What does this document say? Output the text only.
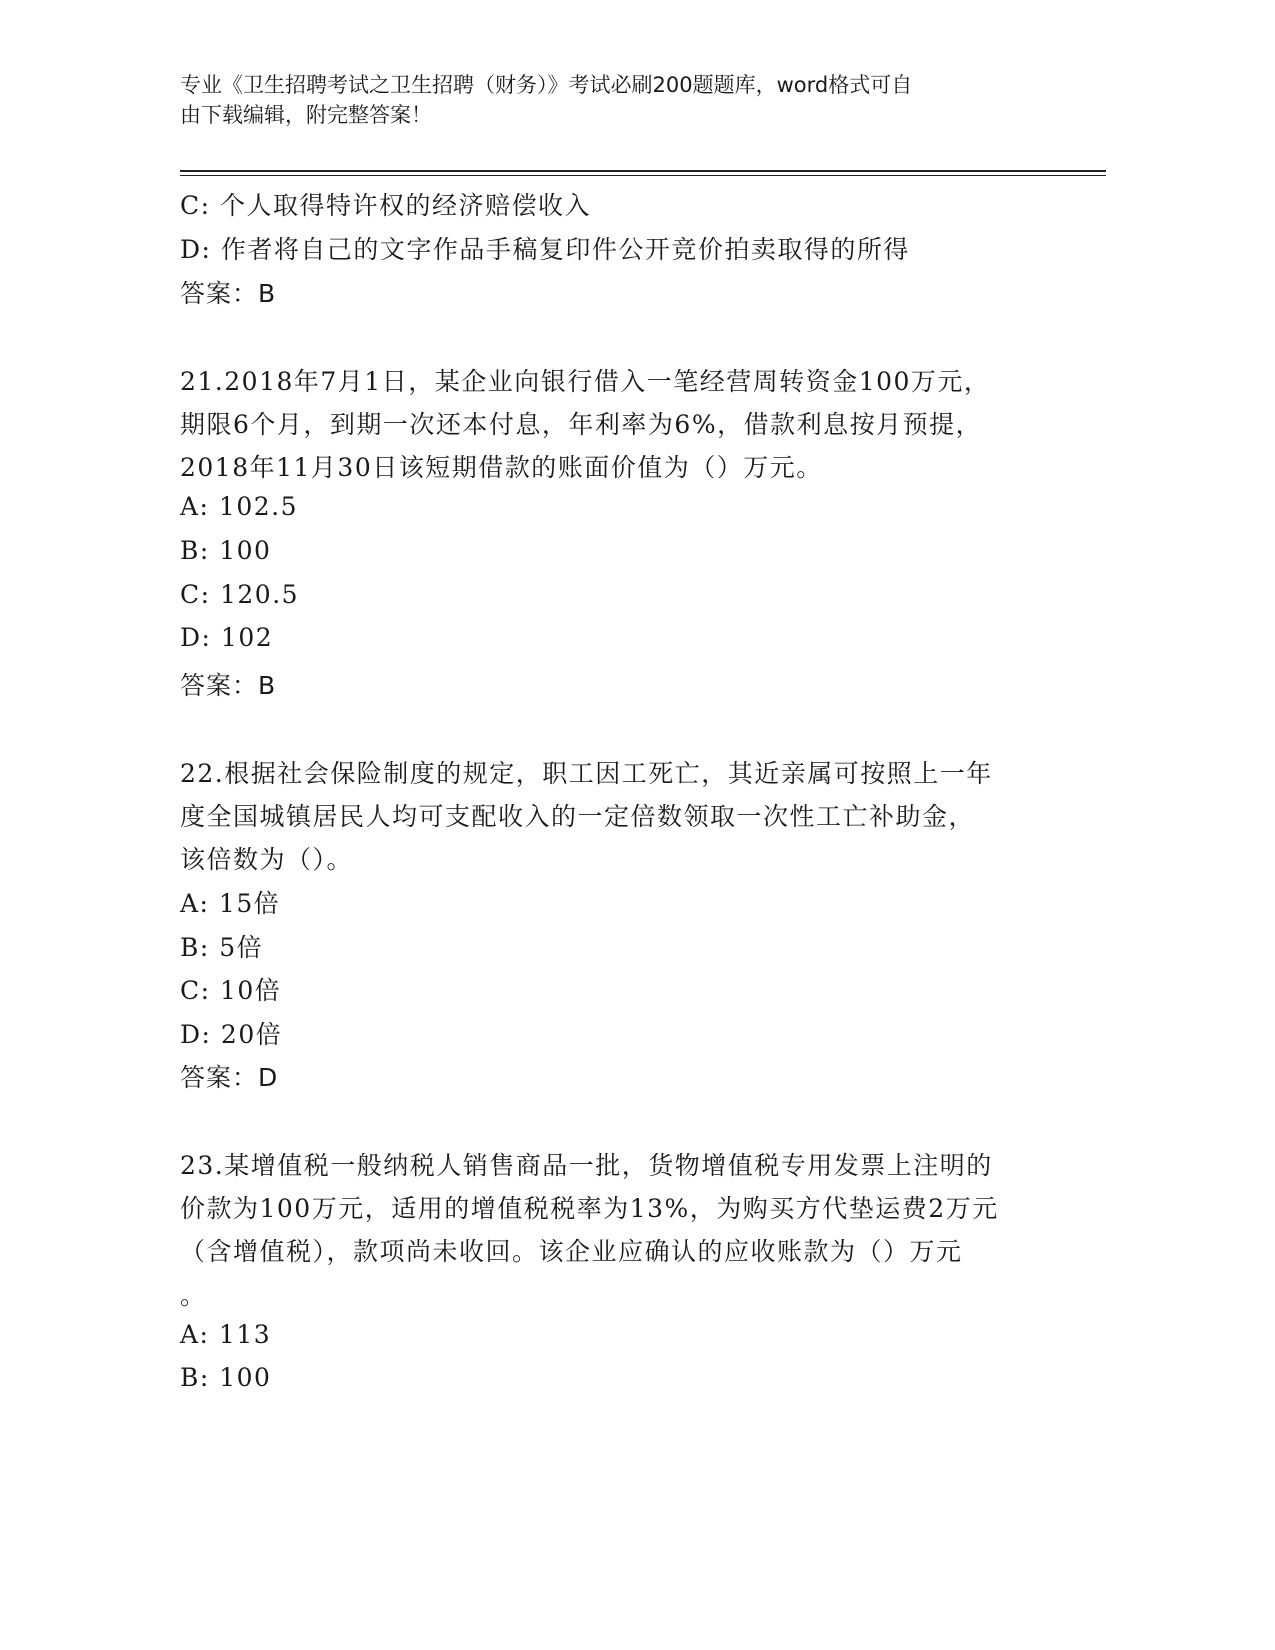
专业《卫生招聘考试之卫生招聘（财务）》考试必刷200题题库，word格式可自
由下载编辑，附完整答案！
C: 个人取得特许权的经济赔偿收入
D: 作者将自己的文字作品手稿复印件公开竞价拍卖取得的所得
答案：B
21.2018年7月1日，某企业向银行借入一笔经营周转资金100万元，
期限6个月，到期一次还本付息，年利率为6%，借款利息按月预提，
2018年11月30日该短期借款的账面价值为（）万元。
A: 102.5
B: 100
C: 120.5
D: 102
答案：B
22.根据社会保险制度的规定，职工因工死亡，其近亲属可按照上一年
度全国城镇居民人均可支配收入的一定倍数领取一次性工亡补助金，
该倍数为（）。
A: 15倍
B: 5倍
C: 10倍
D: 20倍
答案：D
23.某增值税一般纳税人销售商品一批，货物增值税专用发票上注明的
价款为100万元，适用的增值税税率为13%，为购买方代垫运费2万元
（含增值税），款项尚未收回。该企业应确认的应收账款为（）万元
。
A: 113
B: 100
